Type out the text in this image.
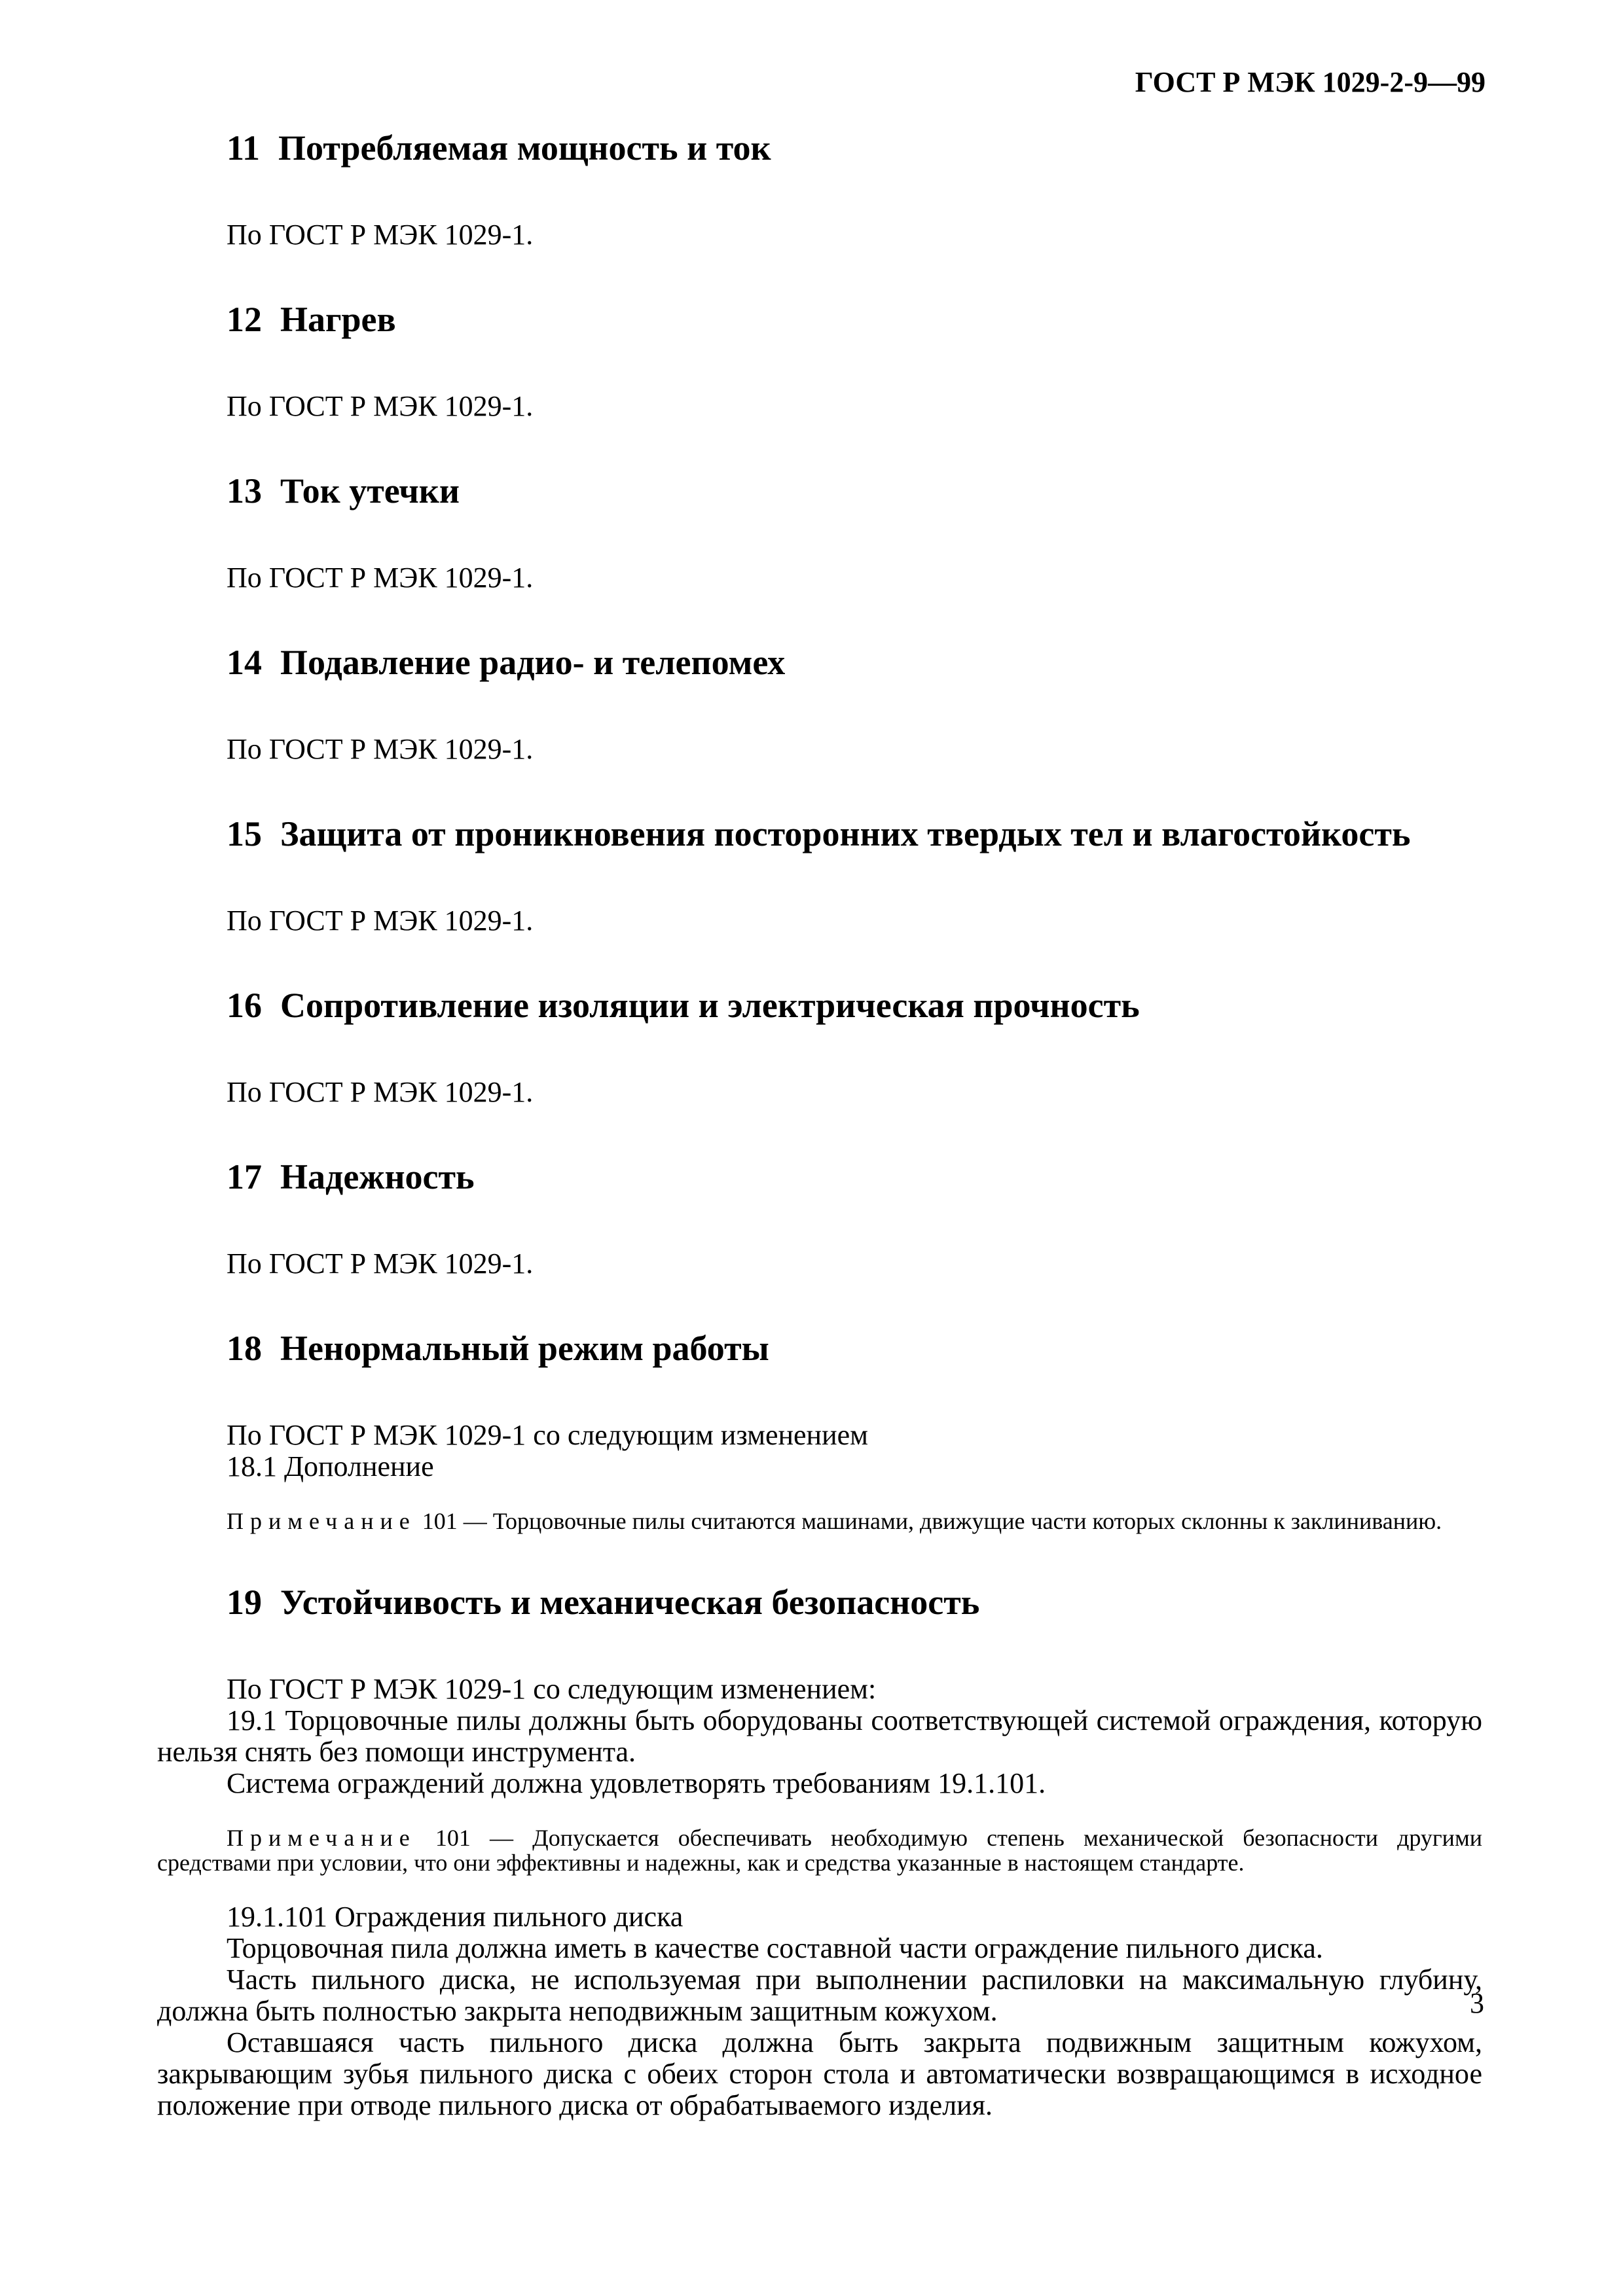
ГОСТ Р МЭК 1029-2-9—99
11 Потребляемая мощность и ток

По ГОСТ Р МЭК 1029-1.

12 Нагрев

По ГОСТ Р МЭК 1029-1.

13 Ток утечки

По ГОСТ Р МЭК 1029-1.

14 Подавление радио- и телепомех

По ГОСТ Р МЭК 1029-1.

15 Защита от проникновения посторонних твердых тел и влагостойкость

По ГОСТ Р МЭК 1029-1.

16 Сопротивление изоляции и электрическая прочность

По ГОСТ Р МЭК 1029-1.

17 Надежность

По ГОСТ Р МЭК 1029-1.

18 Ненормальный режим работы

По ГОСТ Р МЭК 1029-1 со следующим изменением

18.1 Дополнение

Примечание 101 — Торцовочные пилы считаются машинами, движущие части которых склонны к заклиниванию.

19 Устойчивость и механическая безопасность

По ГОСТ Р МЭК 1029-1 со следующим изменением:

19.1 Торцовочные пилы должны быть оборудованы соответствующей системой ограждения, которую нельзя снять без помощи инструмента.

Система ограждений должна удовлетворять требованиям 19.1.101.

Примечание 101 — Допускается обеспечивать необходимую степень механической безопасности другими средствами при условии, что они эффективны и надежны, как и средства указанные в настоящем стандарте.

19.1.101 Ограждения пильного диска

Торцовочная пила должна иметь в качестве составной части ограждение пильного диска.

Часть пильного диска, не используемая при выполнении распиловки на максимальную глубину, должна быть полностью закрыта неподвижным защитным кожухом.

Оставшаяся часть пильного диска должна быть закрыта подвижным защитным кожухом, закрывающим зубья пильного диска с обеих сторон стола и автоматически возвращающимся в исходное положение при отводе пильного диска от обрабатываемого изделия.

3
